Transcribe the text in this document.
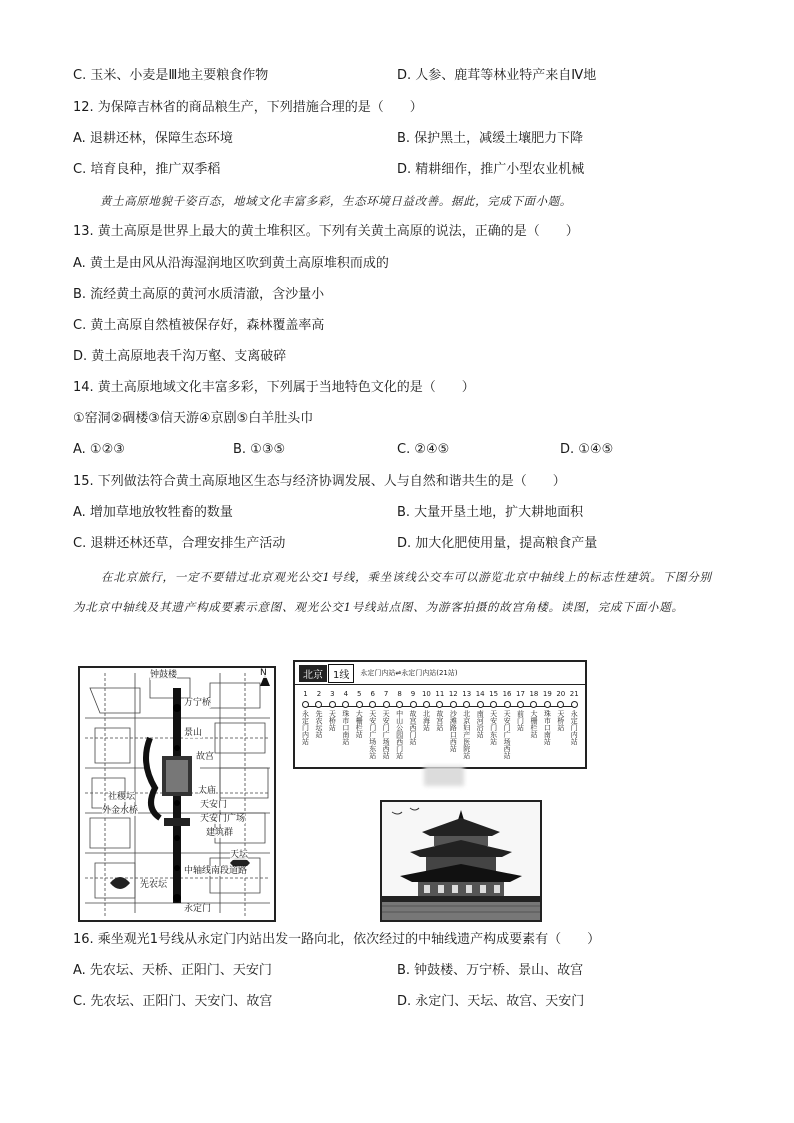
C. 玉米、小麦是Ⅲ地主要粮食作物	D. 人参、鹿茸等林业特产来自Ⅳ地
12. 为保障吉林省的商品粮生产，下列措施合理的是（　　）
A. 退耕还林，保障生态环境	B. 保护黑土，减缓土壤肥力下降
C. 培育良种，推广双季稻	D. 精耕细作，推广小型农业机械
黄土高原地貌千姿百态，地域文化丰富多彩，生态环境日益改善。据此，完成下面小题。
13. 黄土高原是世界上最大的黄土堆积区。下列有关黄土高原的说法，正确的是（　　）
A. 黄土是由风从沿海湿润地区吹到黄土高原堆积而成的
B. 流经黄土高原的黄河水质清澈，含沙量小
C. 黄土高原自然植被保存好，森林覆盖率高
D. 黄土高原地表千沟万壑、支离破碎
14. 黄土高原地域文化丰富多彩，下列属于当地特色文化的是（　　）
①窑洞②碉楼③信天游④京剧⑤白羊肚头巾
A. ①②③	B. ①③⑤	C. ②④⑤	D. ①④⑤
15. 下列做法符合黄土高原地区生态与经济协调发展、人与自然和谐共生的是（　　）
A. 增加草地放牧牲畜的数量	B. 大量开垦土地，扩大耕地面积
C. 退耕还林还草，合理安排生产活动	D. 加大化肥使用量，提高粮食产量
在北京旅行，一定不要错过北京观光公交1号线，乘坐该线公交车可以游览北京中轴线上的标志性建筑。下图分别为北京中轴线及其遗产构成要素示意图、观光公交1号线站点图、为游客拍摄的故宫角楼。读图，完成下面小题。
钟鼓楼	N
万宁桥
景山
故宫
太庙
天安门
社稷坛
外金水桥
天安门广场
建筑群
天坛
先农坛
中轴线南段道路
永定门
北京	1线	永定门内站⇌永定门内站(21站)
1
永定门内站
2
先农坛站
3
天桥站
4
珠市口南站
5
大栅栏站
6
天安门广场东站
7
天安门广场西站
8
中山公园西门站
9
故宫西门站
10
北海站
11
故宫站
12
沙滩路口西站
13
北京妇产医院站
14
南河沿站
15
天安门东站
16
天安门广场西站
17
前门站
18
大栅栏站
19
珠市口南站
20
天桥站
21
永定门内站
16. 乘坐观光1号线从永定门内站出发一路向北，依次经过的中轴线遗产构成要素有（　　）
A. 先农坛、天桥、正阳门、天安门	B. 钟鼓楼、万宁桥、景山、故宫
C. 先农坛、正阳门、天安门、故宫	D. 永定门、天坛、故宫、天安门
